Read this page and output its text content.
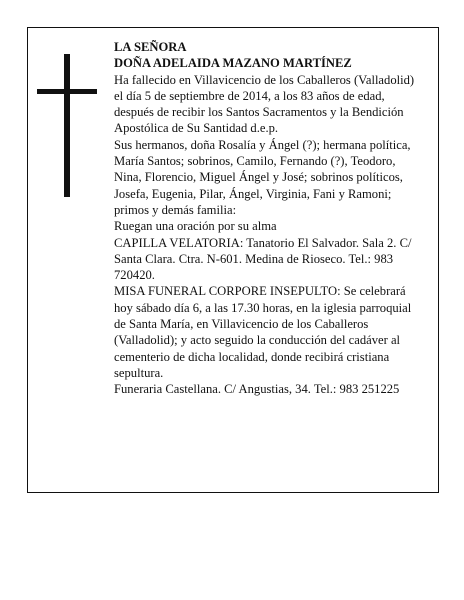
LA SEÑORA

DOÑA ADELAIDA MAZANO MARTÍNEZ

Ha fallecido en Villavicencio de los Caballeros (Valladolid) el día 5 de septiembre de 2014, a los 83 años de edad, después de recibir los Santos Sacramentos y la Bendición Apostólica de Su Santidad d.e.p.

Sus hermanos, doña Rosalía y Ángel (?); hermana política, María Santos; sobrinos, Camilo, Fernando (?), Teodoro, Nina, Florencio, Miguel Ángel y José; sobrinos políticos, Josefa, Eugenia, Pilar, Ángel, Virginia, Fani y Ramoni; primos y demás familia:

Ruegan una oración por su alma

CAPILLA VELATORIA: Tanatorio El Salvador. Sala 2. C/ Santa Clara. Ctra. N-601. Medina de Rioseco. Tel.: 983 720420.

MISA FUNERAL CORPORE INSEPULTO: Se celebrará hoy sábado día 6, a las 17.30 horas, en la iglesia parroquial de Santa María, en Villavicencio de los Caballeros (Valladolid); y acto seguido la conducción del cadáver al cementerio de dicha localidad, donde recibirá cristiana sepultura.

Funeraria Castellana. C/ Angustias, 34. Tel.: 983 251225
